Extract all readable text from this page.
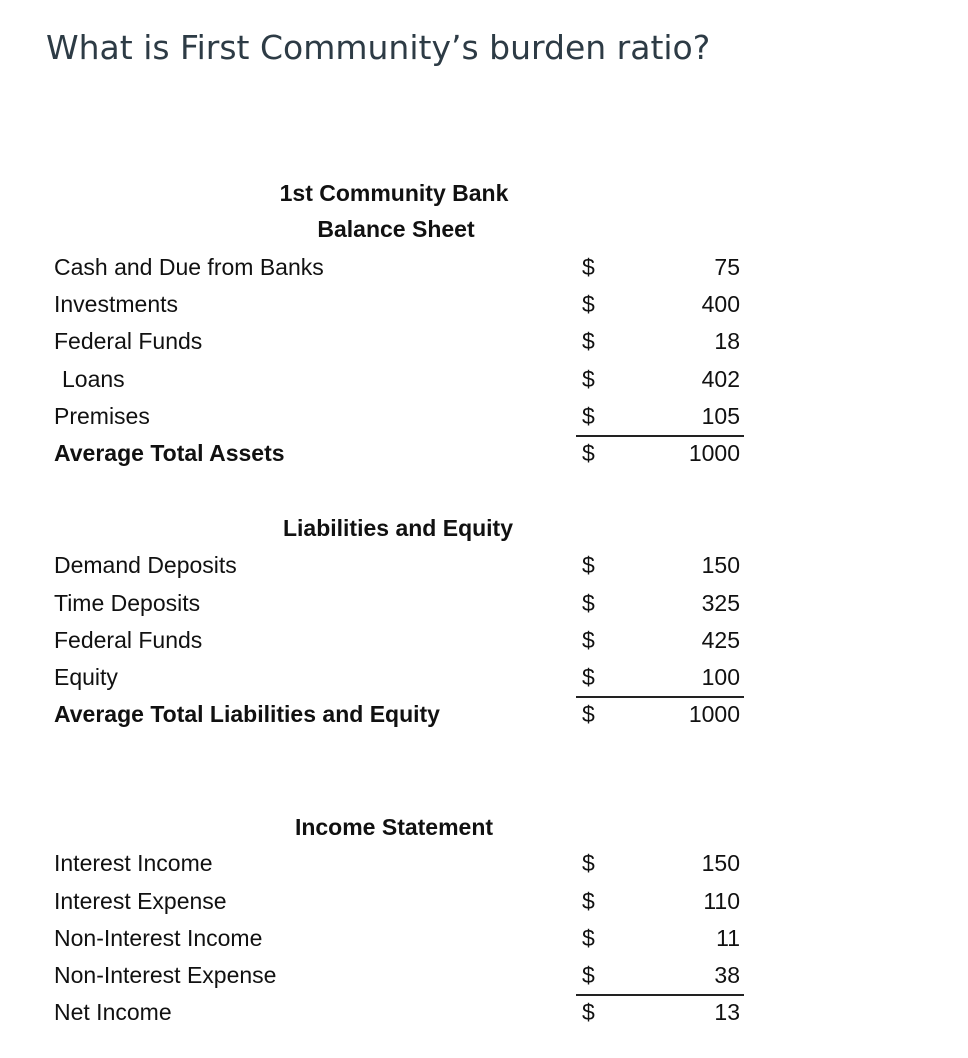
What is First Community’s burden ratio?
1st Community Bank
Balance Sheet
Cash and Due from Banks	$	75
Investments	$	400
Federal Funds	$	18
Loans	$	402
Premises	$	105
Average Total Assets	$	1000
Liabilities and Equity
Demand Deposits	$	150
Time Deposits	$	325
Federal Funds	$	425
Equity	$	100
Average Total Liabilities and Equity	$	1000
Income Statement
Interest Income	$	150
Interest Expense	$	110
Non-Interest Income	$	11
Non-Interest Expense	$	38
Net Income	$	13
